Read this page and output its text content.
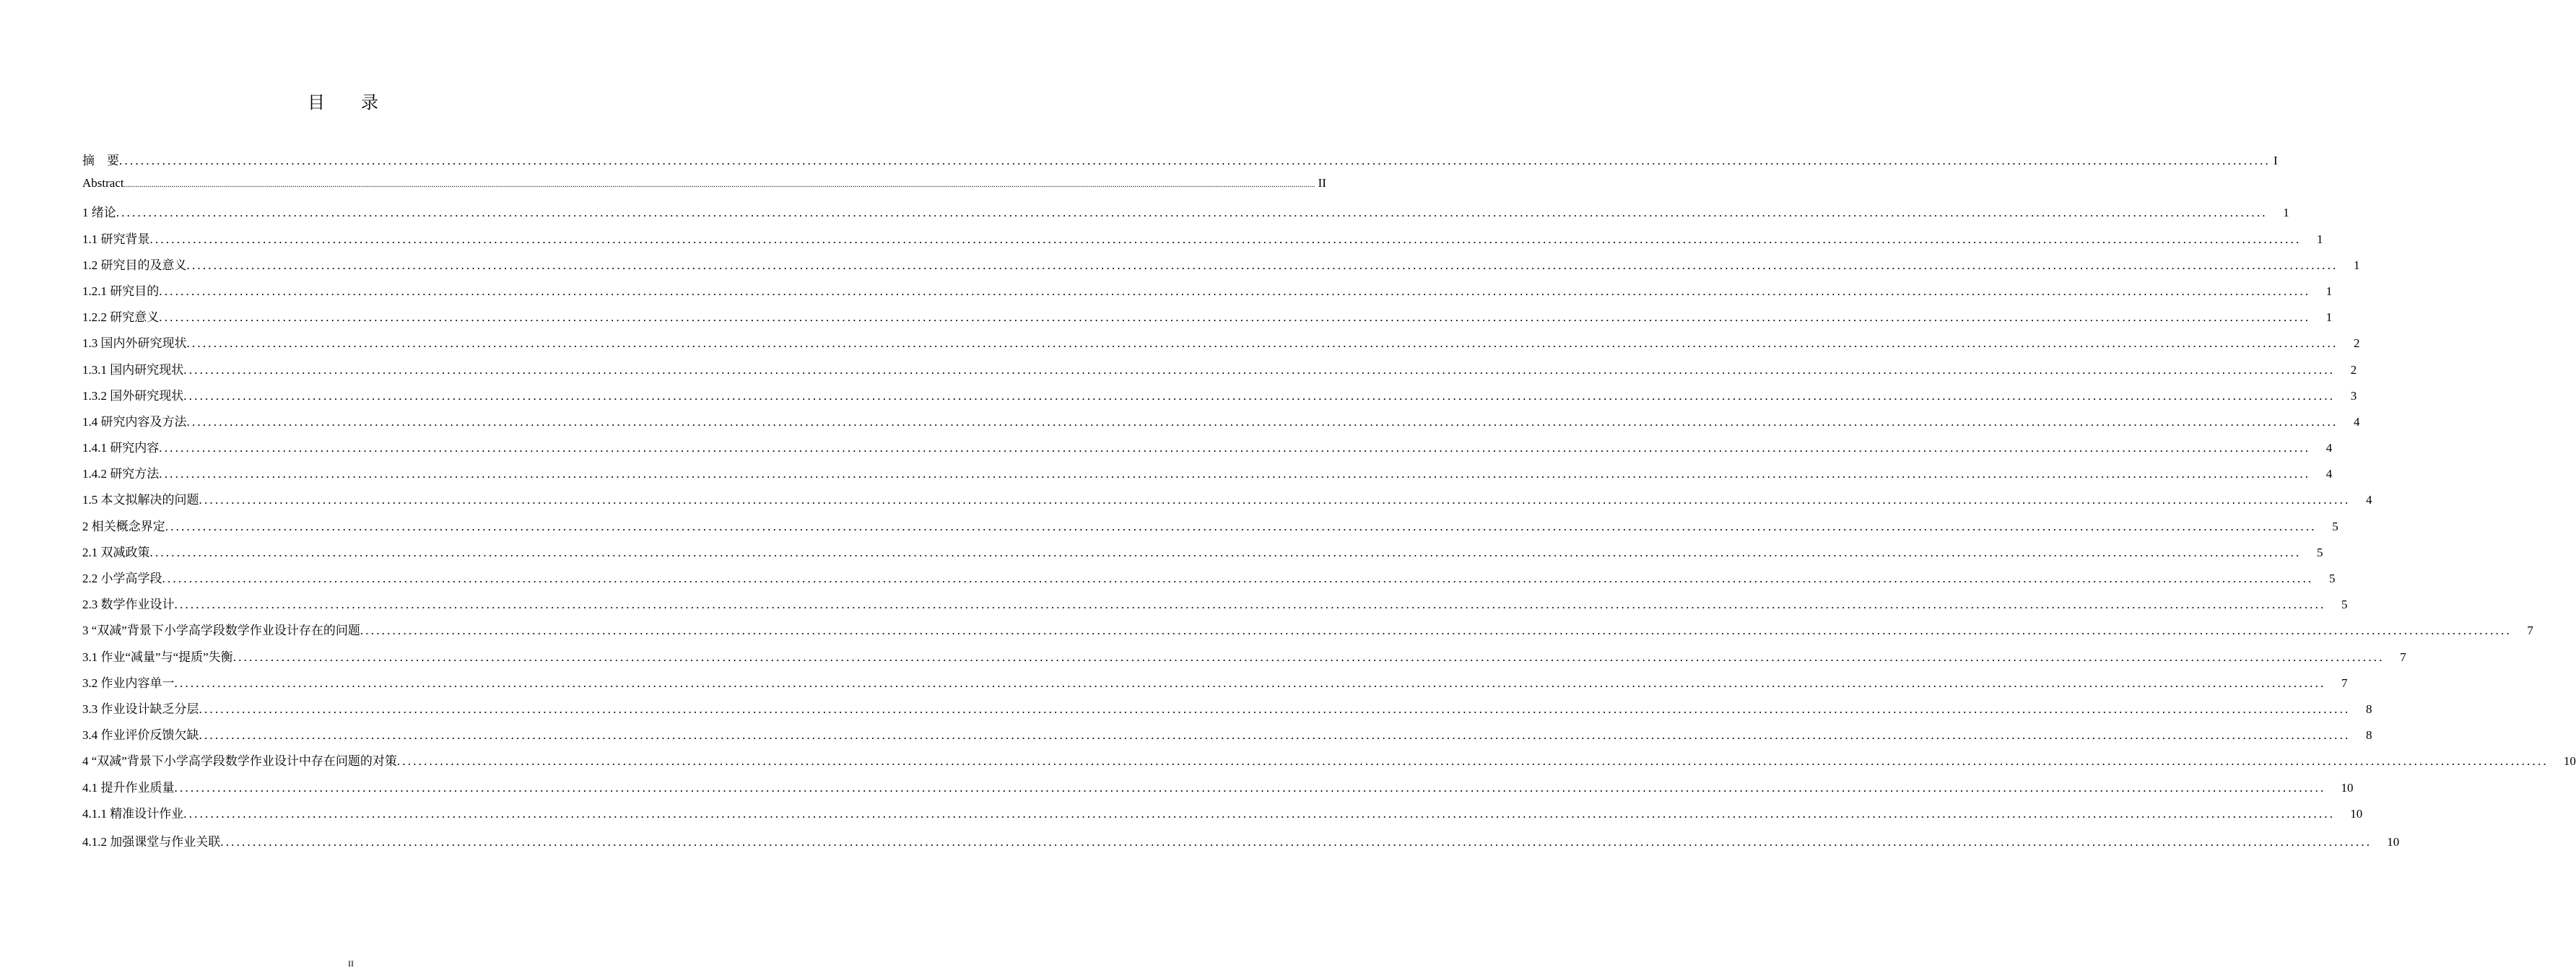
目 录
摘　要 ................................................................................................................................................................................................................................................................................................................................................................................................................ I
Abstract ........................................................................................................................................................................................................................................................................................................................................................................................................................................................................................................................................................................................................................ II
1 绪论 ................................................................................................................................................................................................................................................................................................................................................................................................................	1
1.1 研究背景 ................................................................................................................................................................................................................................................................................................................................................................................................................	1
1.2 研究目的及意义 ................................................................................................................................................................................................................................................................................................................................................................................................................	1
1.2.1 研究目的 ................................................................................................................................................................................................................................................................................................................................................................................................................	1
1.2.2 研究意义 ................................................................................................................................................................................................................................................................................................................................................................................................................	1
1.3 国内外研究现状 ................................................................................................................................................................................................................................................................................................................................................................................................................	2
1.3.1 国内研究现状 ................................................................................................................................................................................................................................................................................................................................................................................................................	2
1.3.2 国外研究现状 ................................................................................................................................................................................................................................................................................................................................................................................................................	3
1.4 研究内容及方法 ................................................................................................................................................................................................................................................................................................................................................................................................................	4
1.4.1 研究内容 ................................................................................................................................................................................................................................................................................................................................................................................................................	4
1.4.2 研究方法 ................................................................................................................................................................................................................................................................................................................................................................................................................	4
1.5 本文拟解决的问题 ................................................................................................................................................................................................................................................................................................................................................................................................................	4
2 相关概念界定 ................................................................................................................................................................................................................................................................................................................................................................................................................	5
2.1 双减政策 ................................................................................................................................................................................................................................................................................................................................................................................................................	5
2.2 小学高学段 ................................................................................................................................................................................................................................................................................................................................................................................................................	5
2.3 数学作业设计 ................................................................................................................................................................................................................................................................................................................................................................................................................	5
3 “双减”背景下小学高学段数学作业设计存在的问题 ................................................................................................................................................................................................................................................................................................................................................................................................................	7
3.1 作业“减量”与“提质”失衡 ................................................................................................................................................................................................................................................................................................................................................................................................................	7
3.2 作业内容单一 ................................................................................................................................................................................................................................................................................................................................................................................................................	7
3.3 作业设计缺乏分层 ................................................................................................................................................................................................................................................................................................................................................................................................................	8
3.4 作业评价反馈欠缺 ................................................................................................................................................................................................................................................................................................................................................................................................................	8
4 “双减”背景下小学高学段数学作业设计中存在问题的对策 ................................................................................................................................................................................................................................................................................................................................................................................................................	10
4.1 提升作业质量 ................................................................................................................................................................................................................................................................................................................................................................................................................	10
4.1.1 精准设计作业 ................................................................................................................................................................................................................................................................................................................................................................................................................	10
4.1.2 加强课堂与作业关联 ................................................................................................................................................................................................................................................................................................................................................................................................................	10
II
